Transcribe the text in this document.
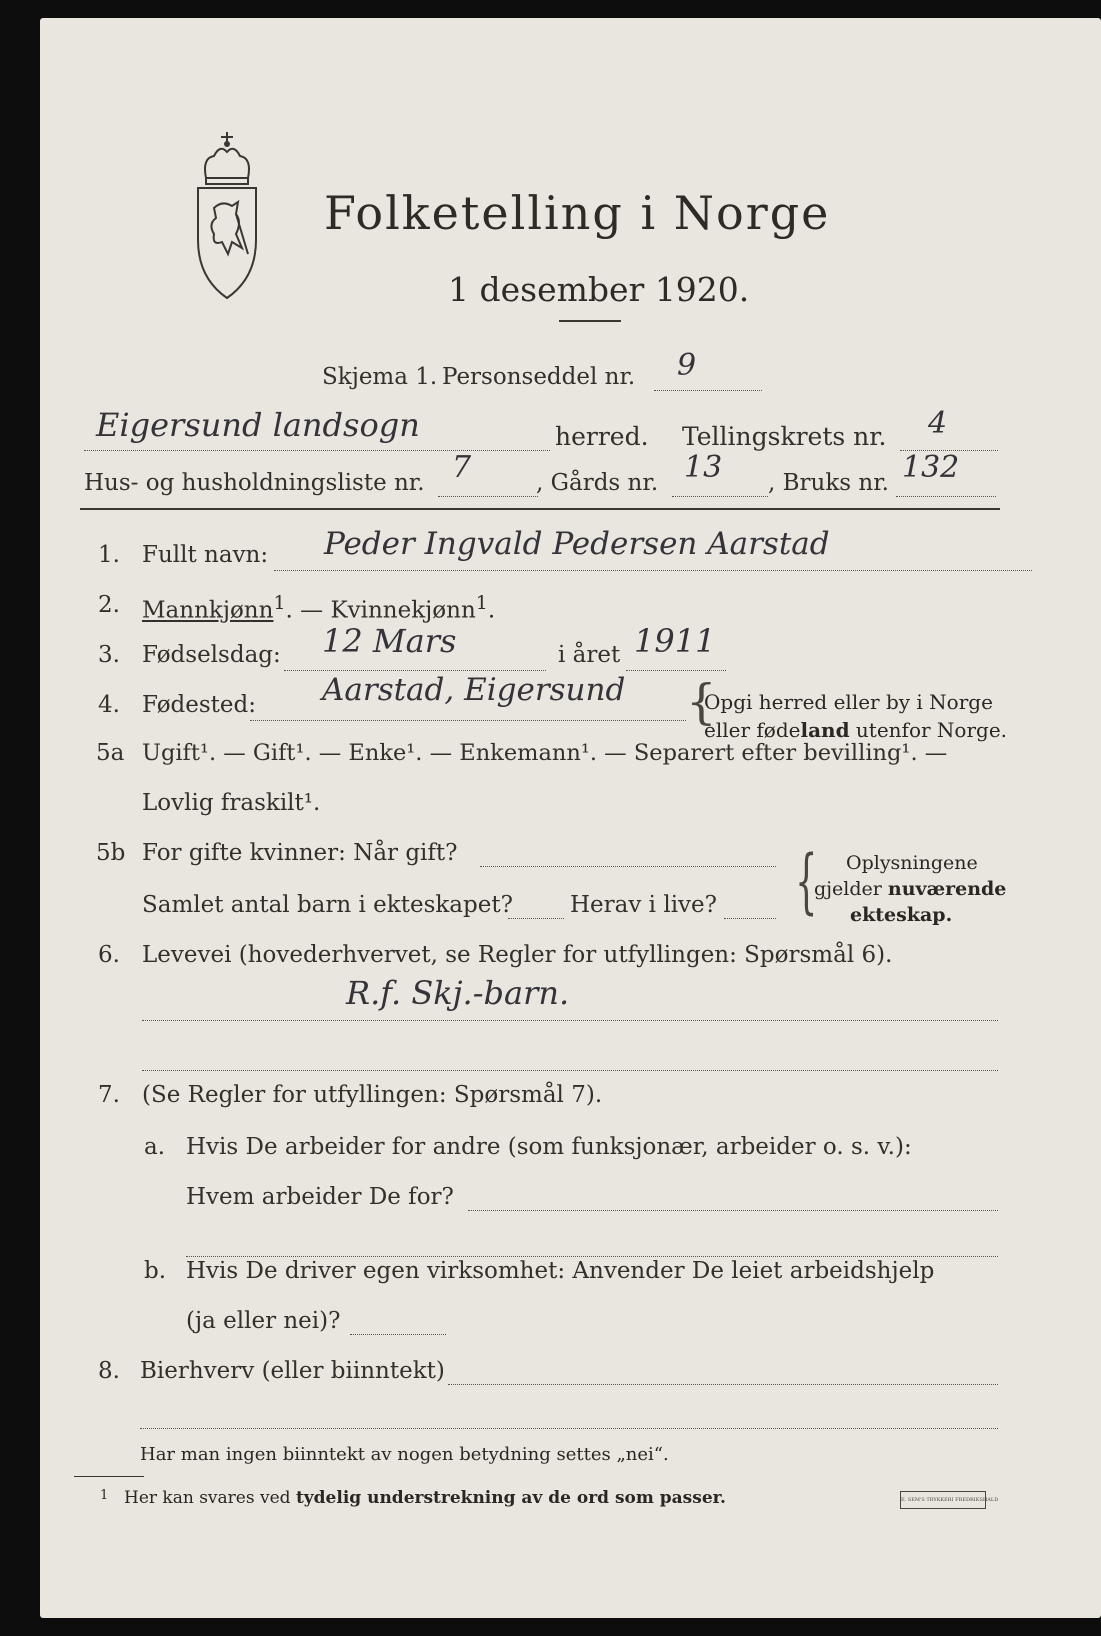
Folketelling i Norge
1 desember 1920.
Skjema 1. Personseddel nr. 9
Eigersund landsogn	herred. Tellingskrets nr. 4
Hus- og husholdningsliste nr. 7	, Gårds nr. 13 , Bruks nr. 132
1. Fullt navn: Peder Ingvald Pedersen Aarstad
2. Mannkjønn$^1$. — Kvinnekjønn$^1$.
3. Fødselsdag: 12 Mars	i året 1911
4. Fødested: Aarstad, Eigersund {
Opgi herred eller by i Norge
eller fødeland utenfor Norge.
5a Ugift¹. — Gift¹. — Enke¹. — Enkemann¹. — Separert efter bevilling¹. —
Lovlig fraskilt¹.
5b For gifte kvinner: Når gift?
Samlet antal barn i ekteskapet? Herav i live? { Oplysningene
gjelder nuværende
ekteskap.
6. Levevei (hovederhvervet, se Regler for utfyllingen: Spørsmål 6).
R.f. Skj.-barn.
7. (Se Regler for utfyllingen: Spørsmål 7).
a. Hvis De arbeider for andre (som funksjonær, arbeider o. s. v.):
Hvem arbeider De for?
b. Hvis De driver egen virksomhet: Anvender De leiet arbeidshjelp
(ja eller nei)?
8. Bierhverv (eller biinntekt)
Har man ingen biinntekt av nogen betydning settes „nei“.
1 Her kan svares ved tydelig understrekning av de ord som passer.	E. SEM'S TRYKKERI FREDRIKSHALD
